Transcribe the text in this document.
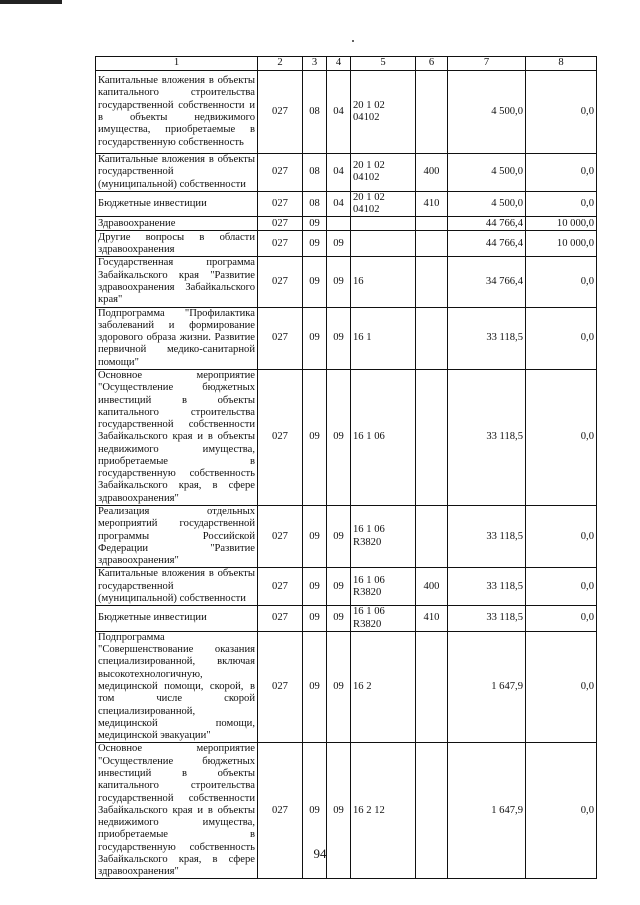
1	2	3	4	5	6	7	8
Капитальные вложения в объекты капитального строительства государственной собственности и в объекты недвижимого имущества, приобретаемые в государственную собственность	027	08	04	20 1 02 04102		4 500,0	0,0
Капитальные вложения в объекты государственной (муниципальной) собственности	027	08	04	20 1 02 04102	400	4 500,0	0,0
Бюджетные инвестиции	027	08	04	20 1 02 04102	410	4 500,0	0,0
Здравоохранение	027	09				44 766,4	10 000,0
Другие вопросы в области здравоохранения	027	09	09			44 766,4	10 000,0
Государственная программа Забайкальского края "Развитие здравоохранения Забайкальского края"	027	09	09	16		34 766,4	0,0
Подпрограмма "Профилактика заболеваний и формирование здорового образа жизни. Развитие первичной медико-санитарной помощи"	027	09	09	16 1		33 118,5	0,0
Основное мероприятие "Осуществление бюджетных инвестиций в объекты капитального строительства государственной собственности Забайкальского края и в объекты недвижимого имущества, приобретаемые в государственную собственность Забайкальского края, в сфере здравоохранения"	027	09	09	16 1 06		33 118,5	0,0
Реализация отдельных мероприятий государственной программы Российской Федерации "Развитие здравоохранения"	027	09	09	16 1 06 R3820		33 118,5	0,0
Капитальные вложения в объекты государственной (муниципальной) собственности	027	09	09	16 1 06 R3820	400	33 118,5	0,0
Бюджетные инвестиции	027	09	09	16 1 06 R3820	410	33 118,5	0,0
Подпрограмма "Совершенствование оказания специализированной, включая высокотехнологичную, медицинской помощи, скорой, в том числе скорой специализированной, медицинской помощи, медицинской эвакуации"	027	09	09	16 2		1 647,9	0,0
Основное мероприятие "Осуществление бюджетных инвестиций в объекты капитального строительства государственной собственности Забайкальского края и в объекты недвижимого имущества, приобретаемые в государственную собственность Забайкальского края, в сфере здравоохранения"	027	09	09	16 2 12		1 647,9	0,0
94
